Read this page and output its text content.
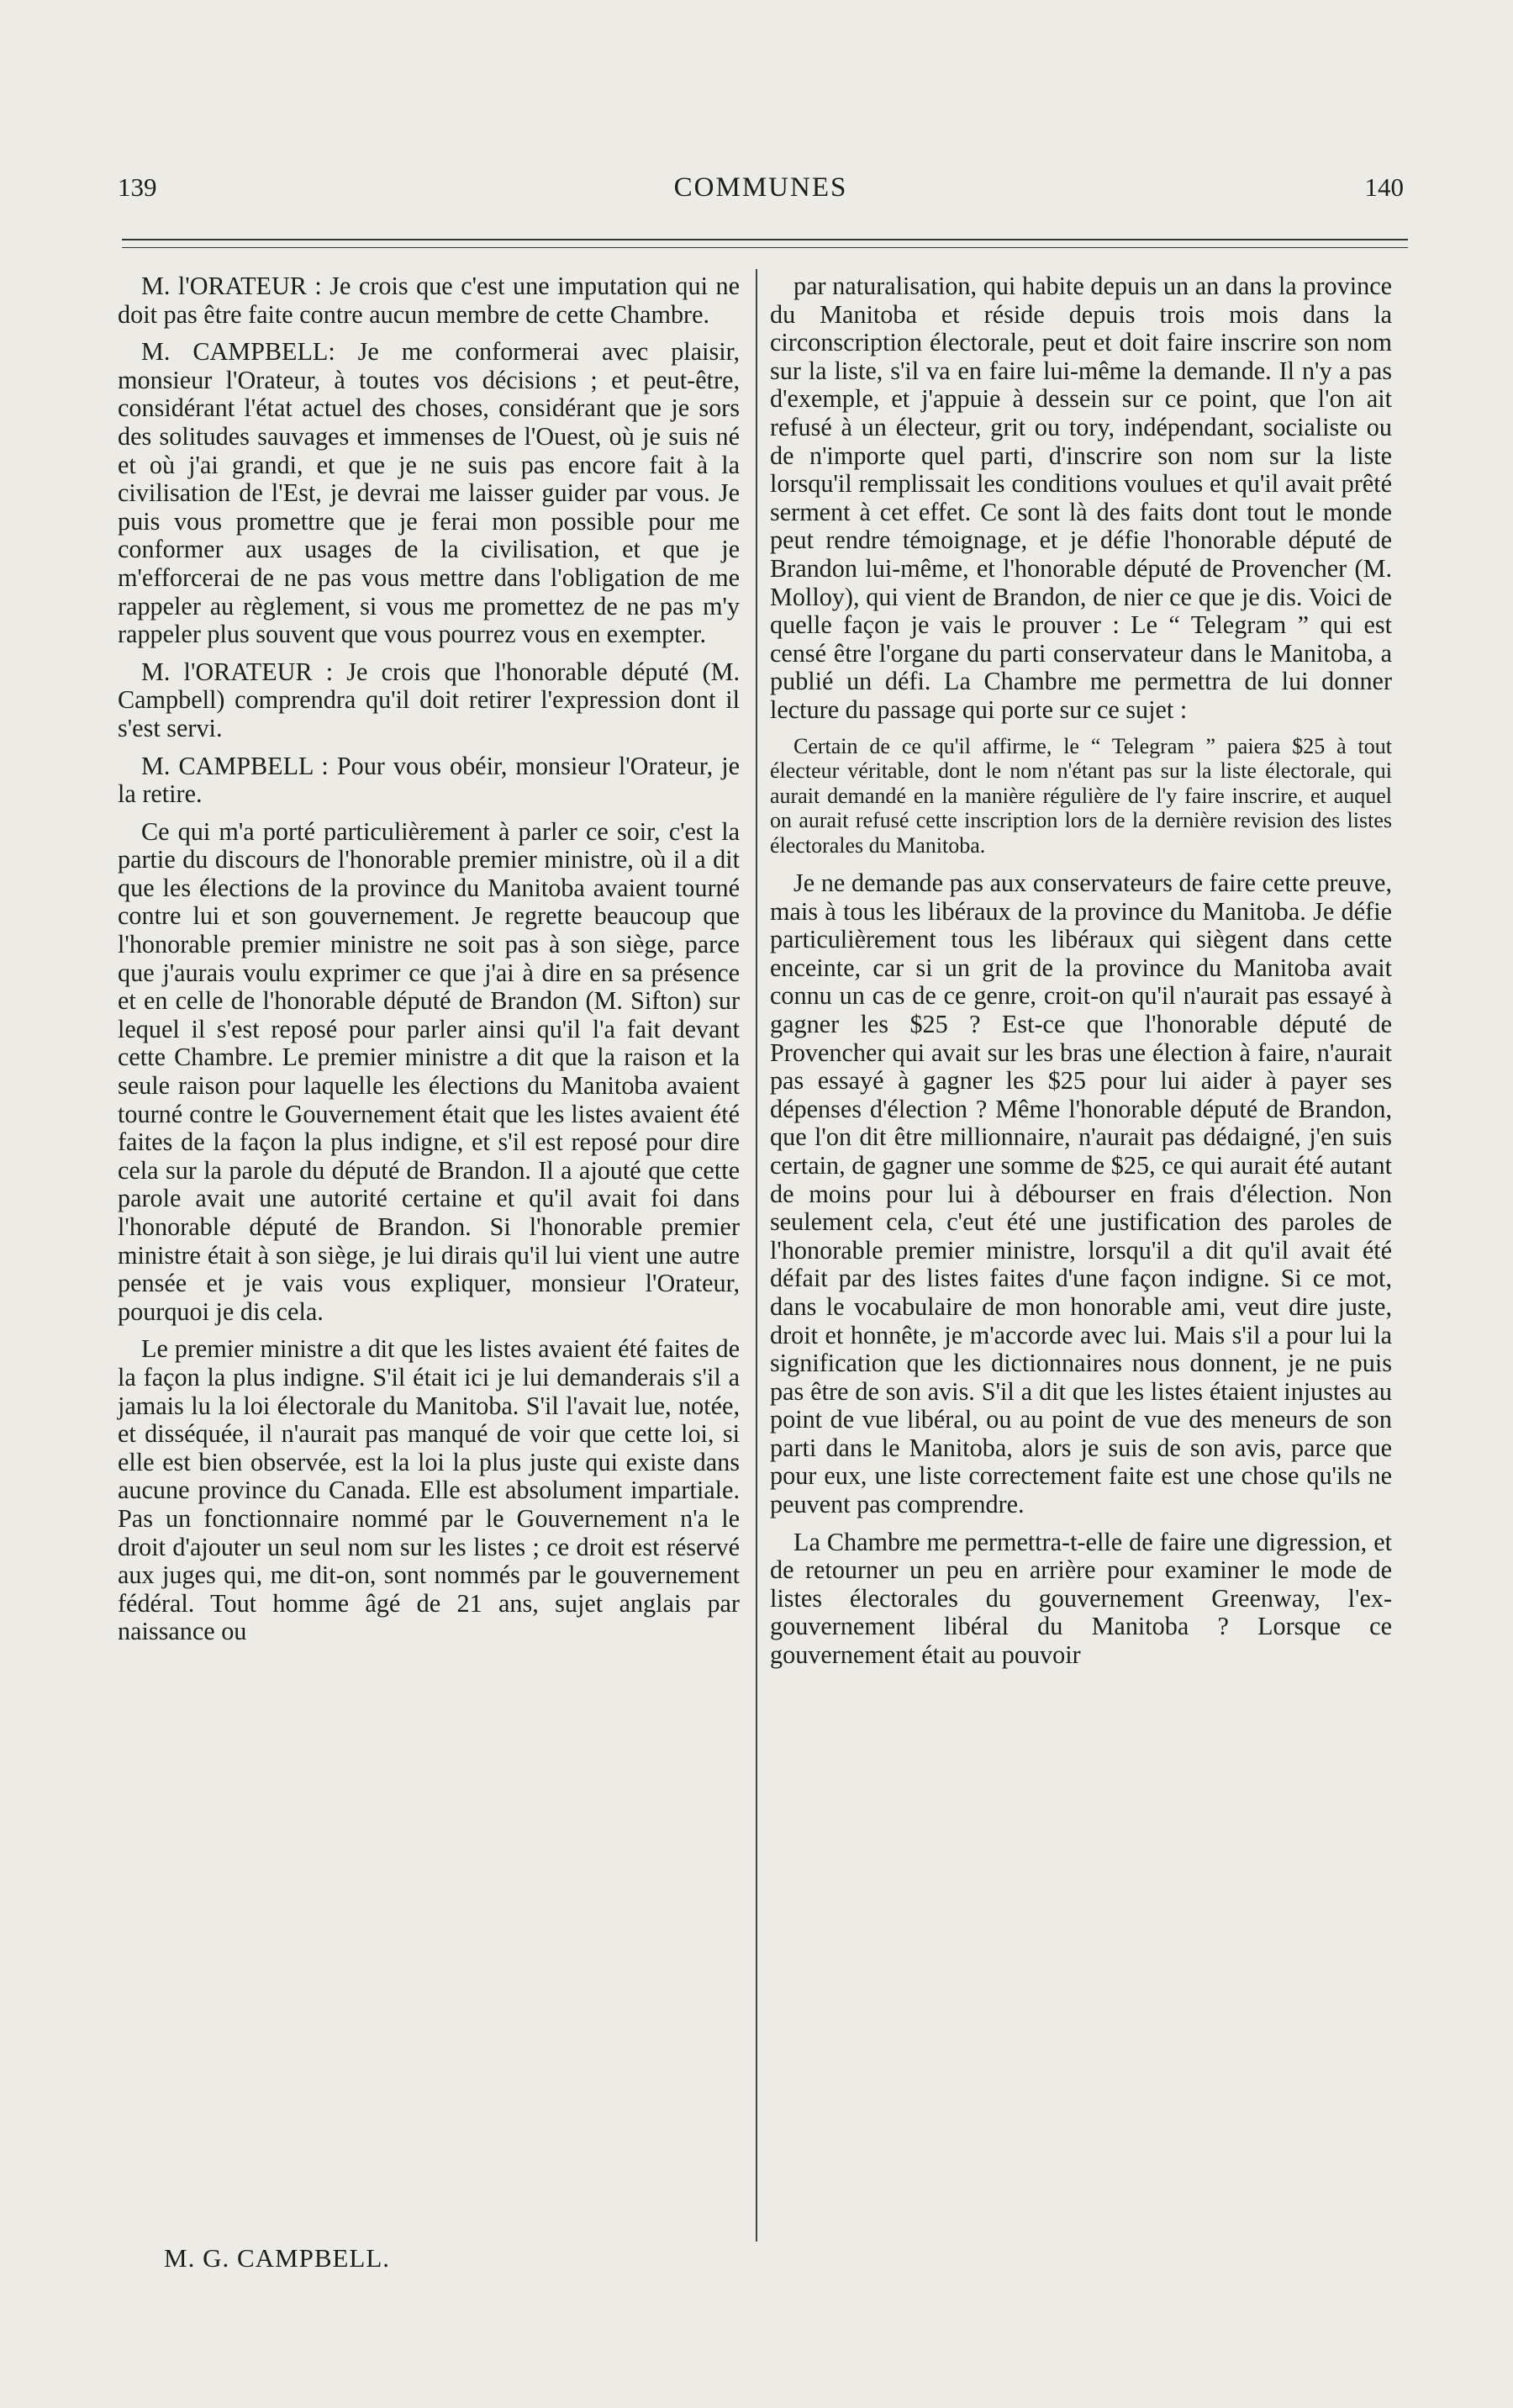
139	COMMUNES	140

M. l'ORATEUR : Je crois que c'est une imputation qui ne doit pas être faite contre aucun membre de cette Chambre.

M. CAMPBELL: Je me conformerai avec plaisir, monsieur l'Orateur, à toutes vos décisions ; et peut-être, considérant l'état actuel des choses, considérant que je sors des solitudes sauvages et immenses de l'Ouest, où je suis né et où j'ai grandi, et que je ne suis pas encore fait à la civilisation de l'Est, je devrai me laisser guider par vous. Je puis vous promettre que je ferai mon possible pour me conformer aux usages de la civilisation, et que je m'efforcerai de ne pas vous mettre dans l'obligation de me rappeler au règlement, si vous me promettez de ne pas m'y rappeler plus souvent que vous pourrez vous en exempter.

M. l'ORATEUR : Je crois que l'honorable député (M. Campbell) comprendra qu'il doit retirer l'expression dont il s'est servi.

M. CAMPBELL : Pour vous obéir, monsieur l'Orateur, je la retire.

Ce qui m'a porté particulièrement à parler ce soir, c'est la partie du discours de l'honorable premier ministre, où il a dit que les élections de la province du Manitoba avaient tourné contre lui et son gouvernement. Je regrette beaucoup que l'honorable premier ministre ne soit pas à son siège, parce que j'aurais voulu exprimer ce que j'ai à dire en sa présence et en celle de l'honorable député de Brandon (M. Sifton) sur lequel il s'est reposé pour parler ainsi qu'il l'a fait devant cette Chambre. Le premier ministre a dit que la raison et la seule raison pour laquelle les élections du Manitoba avaient tourné contre le Gouvernement était que les listes avaient été faites de la façon la plus indigne, et s'il est reposé pour dire cela sur la parole du député de Brandon. Il a ajouté que cette parole avait une autorité certaine et qu'il avait foi dans l'honorable député de Brandon. Si l'honorable premier ministre était à son siège, je lui dirais qu'il lui vient une autre pensée et je vais vous expliquer, monsieur l'Orateur, pourquoi je dis cela.

Le premier ministre a dit que les listes avaient été faites de la façon la plus indigne. S'il était ici je lui demanderais s'il a jamais lu la loi électorale du Manitoba. S'il l'avait lue, notée, et disséquée, il n'aurait pas manqué de voir que cette loi, si elle est bien observée, est la loi la plus juste qui existe dans aucune province du Canada. Elle est absolument impartiale. Pas un fonctionnaire nommé par le Gouvernement n'a le droit d'ajouter un seul nom sur les listes ; ce droit est réservé aux juges qui, me dit-on, sont nommés par le gouvernement fédéral. Tout homme âgé de 21 ans, sujet anglais par naissance ou

par naturalisation, qui habite depuis un an dans la province du Manitoba et réside depuis trois mois dans la circonscription électorale, peut et doit faire inscrire son nom sur la liste, s'il va en faire lui-même la demande. Il n'y a pas d'exemple, et j'appuie à dessein sur ce point, que l'on ait refusé à un électeur, grit ou tory, indépendant, socialiste ou de n'importe quel parti, d'inscrire son nom sur la liste lorsqu'il remplissait les conditions voulues et qu'il avait prêté serment à cet effet. Ce sont là des faits dont tout le monde peut rendre témoignage, et je défie l'honorable député de Brandon lui-même, et l'honorable député de Provencher (M. Molloy), qui vient de Brandon, de nier ce que je dis. Voici de quelle façon je vais le prouver : Le “ Telegram ” qui est censé être l'organe du parti conservateur dans le Manitoba, a publié un défi. La Chambre me permettra de lui donner lecture du passage qui porte sur ce sujet :

Certain de ce qu'il affirme, le “ Telegram ” paiera $25 à tout électeur véritable, dont le nom n'étant pas sur la liste électorale, qui aurait demandé en la manière régulière de l'y faire inscrire, et auquel on aurait refusé cette inscription lors de la dernière revision des listes électorales du Manitoba.

Je ne demande pas aux conservateurs de faire cette preuve, mais à tous les libéraux de la province du Manitoba. Je défie particulièrement tous les libéraux qui siègent dans cette enceinte, car si un grit de la province du Manitoba avait connu un cas de ce genre, croit-on qu'il n'aurait pas essayé à gagner les $25 ? Est-ce que l'honorable député de Provencher qui avait sur les bras une élection à faire, n'aurait pas essayé à gagner les $25 pour lui aider à payer ses dépenses d'élection ? Même l'honorable député de Brandon, que l'on dit être millionnaire, n'aurait pas dédaigné, j'en suis certain, de gagner une somme de $25, ce qui aurait été autant de moins pour lui à débourser en frais d'élection. Non seulement cela, c'eut été une justification des paroles de l'honorable premier ministre, lorsqu'il a dit qu'il avait été défait par des listes faites d'une façon indigne. Si ce mot, dans le vocabulaire de mon honorable ami, veut dire juste, droit et honnête, je m'accorde avec lui. Mais s'il a pour lui la signification que les dictionnaires nous donnent, je ne puis pas être de son avis. S'il a dit que les listes étaient injustes au point de vue libéral, ou au point de vue des meneurs de son parti dans le Manitoba, alors je suis de son avis, parce que pour eux, une liste correctement faite est une chose qu'ils ne peuvent pas comprendre.

La Chambre me permettra-t-elle de faire une digression, et de retourner un peu en arrière pour examiner le mode de listes électorales du gouvernement Greenway, l'ex-gouvernement libéral du Manitoba ? Lorsque ce gouvernement était au pouvoir

M. G. CAMPBELL.
